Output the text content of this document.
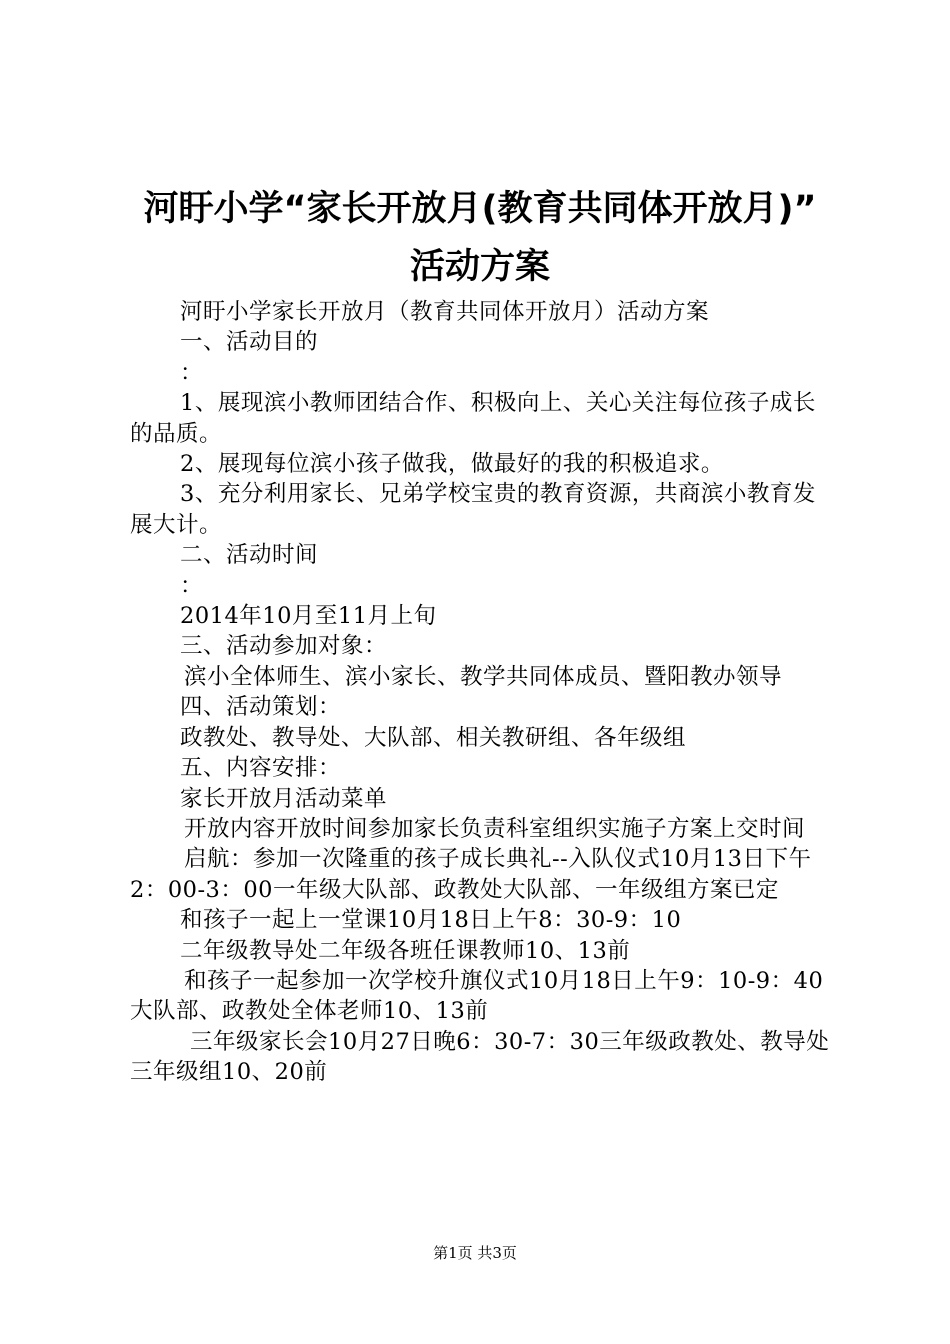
河盱小学“家长开放月(教育共同体开放月)”
活动方案

河盱小学家长开放月（教育共同体开放月）活动方案

一、活动目的

：

1、展现滨小教师团结合作、积极向上、关心关注每位孩子成长的品质。

2、展现每位滨小孩子做我，做最好的我的积极追求。

3、充分利用家长、兄弟学校宝贵的教育资源，共商滨小教育发展大计。

二、活动时间

：

2014年10月至11月上旬

三、活动参加对象：

滨小全体师生、滨小家长、教学共同体成员、暨阳教办领导

四、活动策划：

政教处、教导处、大队部、相关教研组、各年级组

五、内容安排：

家长开放月活动菜单

开放内容开放时间参加家长负责科室组织实施子方案上交时间

启航：参加一次隆重的孩子成长典礼--入队仪式10月13日下午2：00-3：00一年级大队部、政教处大队部、一年级组方案已定

和孩子一起上一堂课10月18日上午8：30-9：10

二年级教导处二年级各班任课教师10、13前

和孩子一起参加一次学校升旗仪式10月18日上午9：10-9：40大队部、政教处全体老师10、13前

三年级家长会10月27日晚6：30-7：30三年级政教处、教导处三年级组10、20前

第1页 共3页
